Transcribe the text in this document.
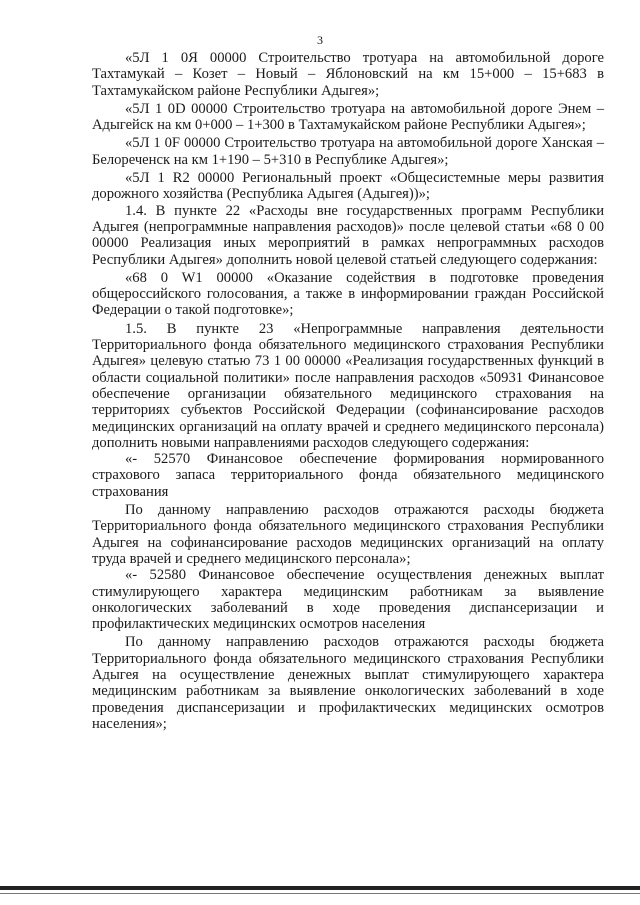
3

«5Л 1 0Я 00000 Строительство тротуара на автомобильной дороге Тахтамукай – Козет – Новый – Яблоновский на км 15+000 – 15+683 в Тахтамукайском районе Республики Адыгея»;

«5Л 1 0D 00000 Строительство тротуара на автомобильной дороге Энем – Адыгейск на км 0+000 – 1+300 в Тахтамукайском районе Республики Адыгея»;

«5Л 1 0F 00000 Строительство тротуара на автомобильной дороге Ханская – Белореченск на км 1+190 – 5+310 в Республике Адыгея»;

«5Л 1 R2 00000 Региональный проект «Общесистемные меры развития дорожного хозяйства (Республика Адыгея (Адыгея))»;

1.4. В пункте 22 «Расходы вне государственных программ Республики Адыгея (непрограммные направления расходов)» после целевой статьи «68 0 00 00000 Реализация иных мероприятий в рамках непрограммных расходов Республики Адыгея» дополнить новой целевой статьей следующего содержания:

«68 0 W1 00000 «Оказание содействия в подготовке проведения общероссийского голосования, а также в информировании граждан Российской Федерации о такой подготовке»;

1.5. В пункте 23 «Непрограммные направления деятельности Территориального фонда обязательного медицинского страхования Республики Адыгея» целевую статью 73 1 00 00000 «Реализация государственных функций в области социальной политики» после направления расходов «50931 Финансовое обеспечение организации обязательного медицинского страхования на территориях субъектов Российской Федерации (софинансирование расходов медицинских организаций на оплату врачей и среднего медицинского персонала) дополнить новыми направлениями расходов следующего содержания:

«- 52570 Финансовое обеспечение формирования нормированного страхового запаса территориального фонда обязательного медицинского страхования

По данному направлению расходов отражаются расходы бюджета Территориального фонда обязательного медицинского страхования Республики Адыгея на софинансирование расходов медицинских организаций на оплату труда врачей и среднего медицинского персонала»;

«- 52580 Финансовое обеспечение осуществления денежных выплат стимулирующего характера медицинским работникам за выявление онкологических заболеваний в ходе проведения диспансеризации и профилактических медицинских осмотров населения

По данному направлению расходов отражаются расходы бюджета Территориального фонда обязательного медицинского страхования Республики Адыгея на осуществление денежных выплат стимулирующего характера медицинским работникам за выявление онкологических заболеваний в ходе проведения диспансеризации и профилактических медицинских осмотров населения»;
